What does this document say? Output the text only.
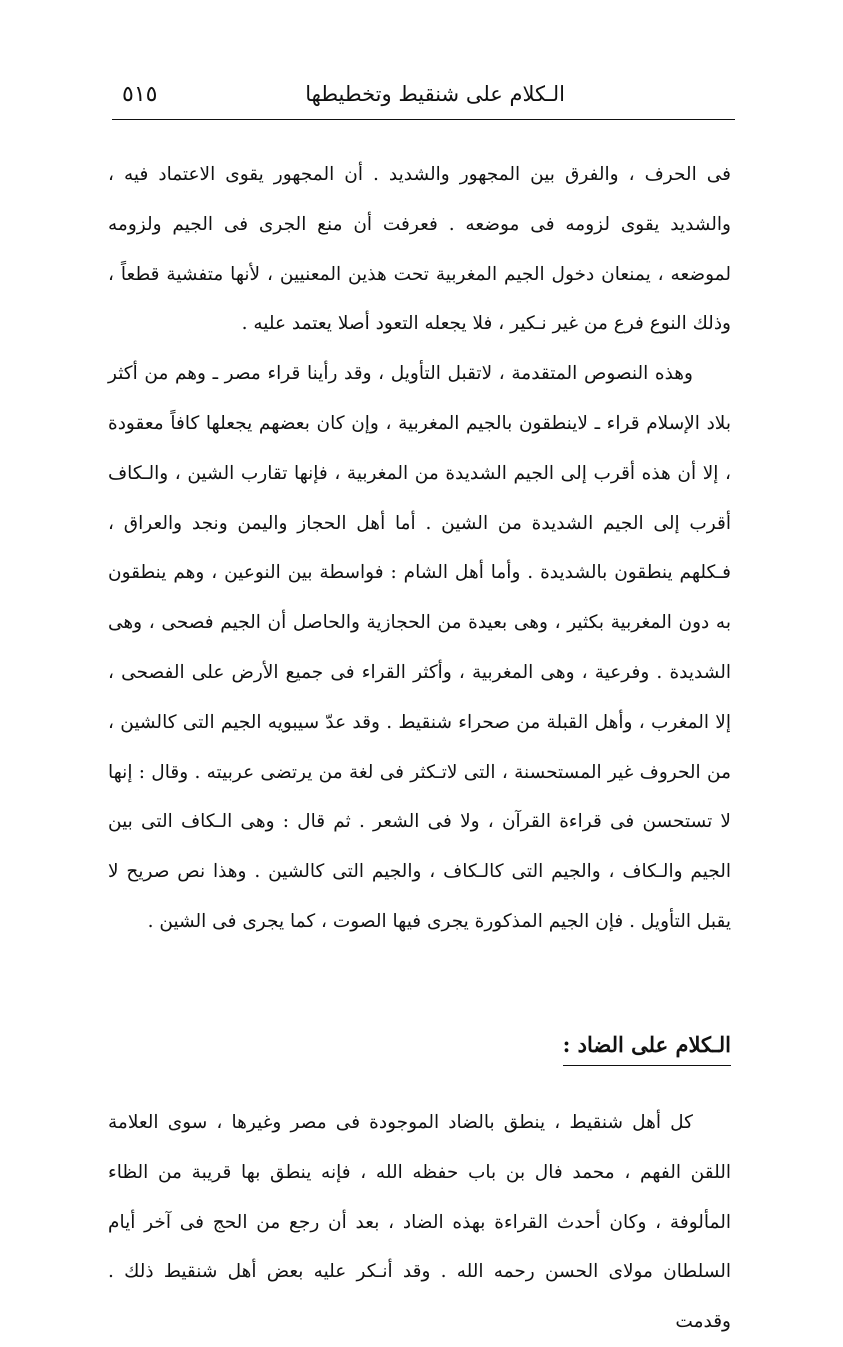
الـكلام على شنقيط وتخطيطها
٥١٥

فى الحرف ، والفرق بين المجهور والشديد . أن المجهور يقوى الاعتماد فيه ، والشديد يقوى لزومه فى موضعه . فعرفت أن منع الجرى فى الجيم ولزومه لموضعه ، يمنعان دخول الجيم المغربية تحت هذين المعنيين ، لأنها متفشية قطعاً ، وذلك النوع فرع من غير نـكير ، فلا يجعله التعود أصلا يعتمد عليه .

وهذه النصوص المتقدمة ، لاتقبل التأويل ، وقد رأينا قراء مصر ـ وهم من أكثر بلاد الإسلام قراء ـ لاينطقون بالجيم المغربية ، وإن كان بعضهم يجعلها كافاً معقودة ، إلا أن هذه أقرب إلى الجيم الشديدة من المغربية ، فإنها تقارب الشين ، والـكاف أقرب إلى الجيم الشديدة من الشين . أما أهل الحجاز واليمن ونجد والعراق ، فـكلهم ينطقون بالشديدة . وأما أهل الشام : فواسطة بين النوعين ، وهم ينطقون به دون المغربية بكثير ، وهى بعيدة من الحجازية والحاصل أن الجيم فصحى ، وهى الشديدة . وفرعية ، وهى المغربية ، وأكثر القراء فى جميع الأرض على الفصحى ، إلا المغرب ، وأهل القبلة من صحراء شنقيط . وقد عدّ سيبويه الجيم التى كالشين ، من الحروف غير المستحسنة ، التى لاتـكثر فى لغة من يرتضى عربيته . وقال : إنها لا تستحسن فى قراءة القرآن ، ولا فى الشعر . ثم قال : وهى الـكاف التى بين الجيم والـكاف ، والجيم التى كالـكاف ، والجيم التى كالشين . وهذا نص صريح لا يقبل التأويل . فإن الجيم المذكورة يجرى فيها الصوت ، كما يجرى فى الشين .

الـكلام على الضاد :

كل أهل شنقيط ، ينطق بالضاد الموجودة فى مصر وغيرها ، سوى العلامة اللقن الفهم ، محمد فال بن باب حفظه الله ، فإنه ينطق بها قريبة من الظاء المألوفة ، وكان أحدث القراءة بهذه الضاد ، بعد أن رجع من الحج فى آخر أيام السلطان مولاى الحسن رحمه الله . وقد أنـكر عليه بعض أهل شنقيط ذلك . وقدمت
